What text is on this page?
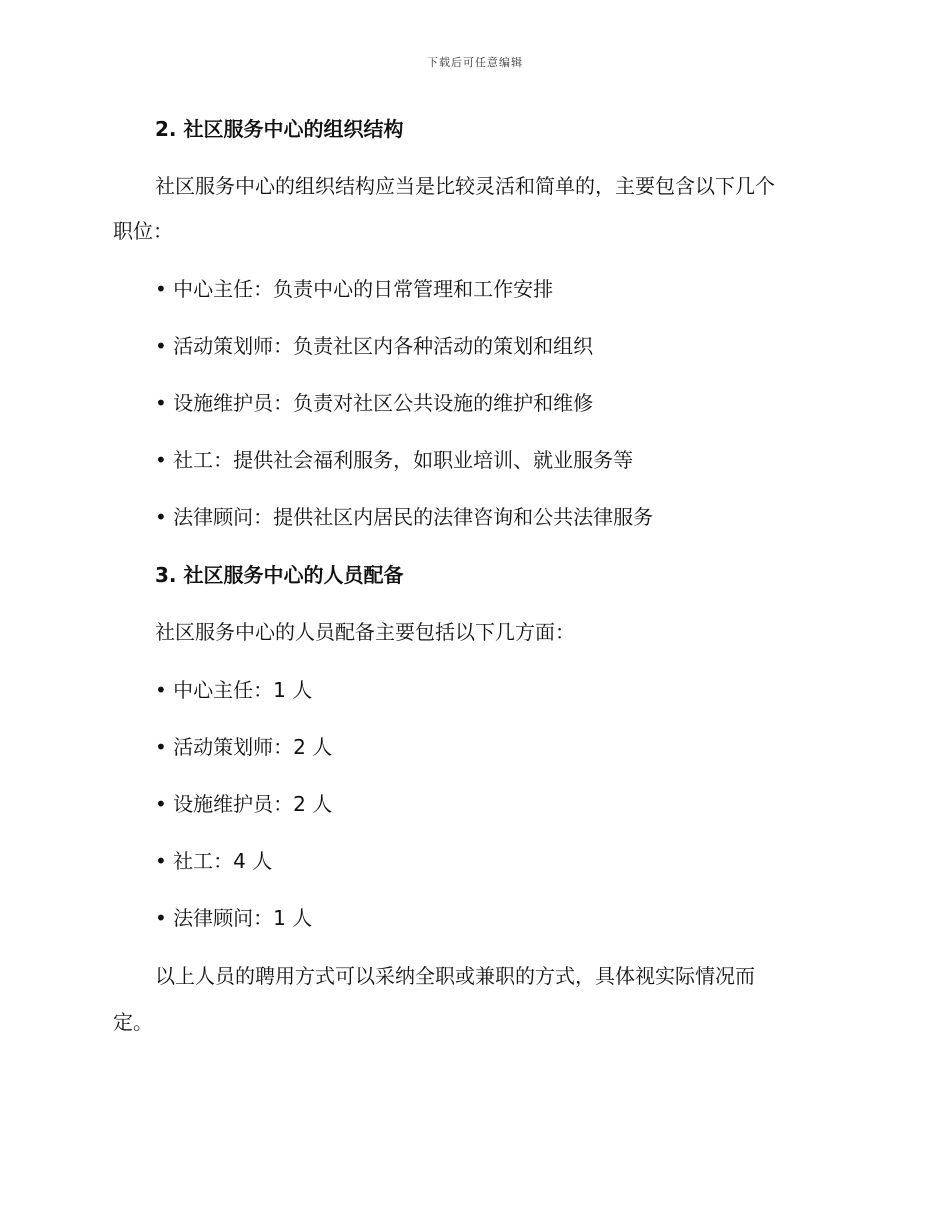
下载后可任意编辑
2. 社区服务中心的组织结构
社区服务中心的组织结构应当是比较灵活和简单的，主要包含以下几个
职位：
• 中心主任：负责中心的日常管理和工作安排
• 活动策划师：负责社区内各种活动的策划和组织
• 设施维护员：负责对社区公共设施的维护和维修
• 社工：提供社会福利服务，如职业培训、就业服务等
• 法律顾问：提供社区内居民的法律咨询和公共法律服务
3. 社区服务中心的人员配备
社区服务中心的人员配备主要包括以下几方面：
• 中心主任：1 人
• 活动策划师：2 人
• 设施维护员：2 人
• 社工：4 人
• 法律顾问：1 人
以上人员的聘用方式可以采纳全职或兼职的方式，具体视实际情况而
定。
